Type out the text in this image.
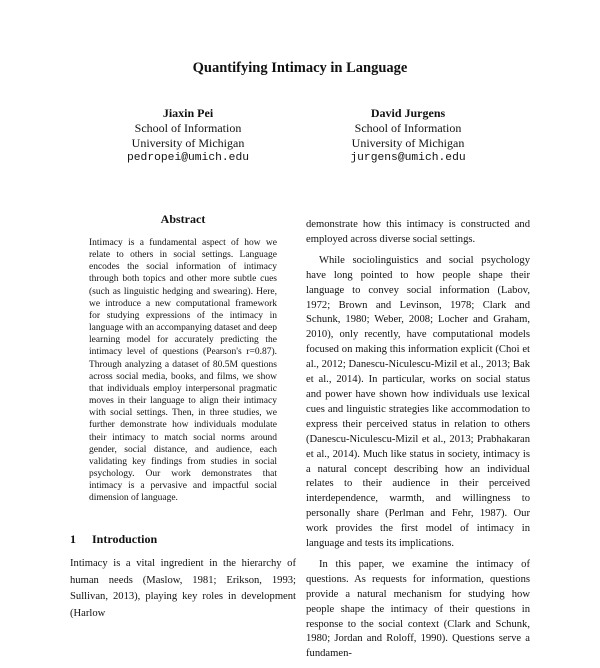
Quantifying Intimacy in Language
Jiaxin Pei
School of Information
University of Michigan
pedropei@umich.edu
David Jurgens
School of Information
University of Michigan
jurgens@umich.edu
Abstract

Intimacy is a fundamental aspect of how we relate to others in social settings. Language encodes the social information of intimacy through both topics and other more subtle cues (such as linguistic hedging and swearing). Here, we introduce a new computational framework for studying expressions of the intimacy in language with an accompanying dataset and deep learning model for accurately predicting the intimacy level of questions (Pearson's r=0.87). Through analyzing a dataset of 80.5M questions across social media, books, and films, we show that individuals employ interpersonal pragmatic moves in their language to align their intimacy with social settings. Then, in three studies, we further demonstrate how individuals modulate their intimacy to match social norms around gender, social distance, and audience, each validating key findings from studies in social psychology. Our work demonstrates that intimacy is a pervasive and impactful social dimension of language.

1 Introduction

Intimacy is a vital ingredient in the hierarchy of human needs (Maslow, 1981; Erikson, 1993; Sullivan, 2013), playing key roles in development (Harlow

demonstrate how this intimacy is constructed and employed across diverse social settings.

While sociolinguistics and social psychology have long pointed to how people shape their language to convey social information (Labov, 1972; Brown and Levinson, 1978; Clark and Schunk, 1980; Weber, 2008; Locher and Graham, 2010), only recently, have computational models focused on making this information explicit (Choi et al., 2012; Danescu-Niculescu-Mizil et al., 2013; Bak et al., 2014). In particular, works on social status and power have shown how individuals use lexical cues and linguistic strategies like accommodation to express their perceived status in relation to others (Danescu-Niculescu-Mizil et al., 2013; Prabhakaran et al., 2014). Much like status in society, intimacy is a natural concept describing how an individual relates to their audience in their perceived interdependence, warmth, and willingness to personally share (Perlman and Fehr, 1987). Our work provides the first model of intimacy in language and tests its implications.

In this paper, we examine the intimacy of questions. As requests for information, questions provide a natural mechanism for studying how people shape the intimacy of their questions in response to the social context (Clark and Schunk, 1980; Jordan and Roloff, 1990). Questions serve a fundamen-
